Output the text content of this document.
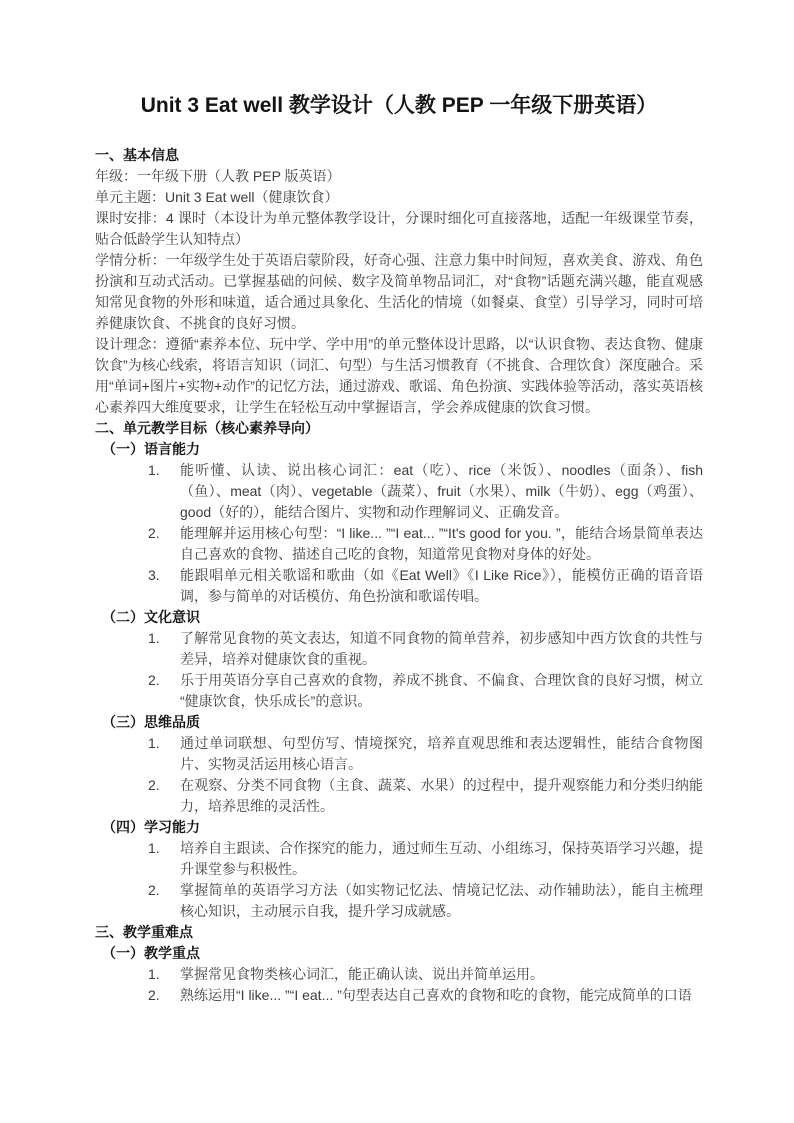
Unit 3 Eat well 教学设计（人教 PEP 一年级下册英语）
一、基本信息

年级：一年级下册（人教 PEP 版英语）

单元主题：Unit 3 Eat well（健康饮食）

课时安排：4 课时（本设计为单元整体教学设计，分课时细化可直接落地，适配一年级课堂节奏，贴合低龄学生认知特点）

学情分析：一年级学生处于英语启蒙阶段，好奇心强、注意力集中时间短，喜欢美食、游戏、角色扮演和互动式活动。已掌握基础的问候、数字及简单物品词汇，对“食物”话题充满兴趣，能直观感知常见食物的外形和味道，适合通过具象化、生活化的情境（如餐桌、食堂）引导学习，同时可培养健康饮食、不挑食的良好习惯。

设计理念：遵循“素养本位、玩中学、学中用”的单元整体设计思路，以“认识食物、表达食物、健康饮食”为核心线索，将语言知识（词汇、句型）与生活习惯教育（不挑食、合理饮食）深度融合。采用“单词+图片+实物+动作”的记忆方法，通过游戏、歌谣、角色扮演、实践体验等活动，落实英语核心素养四大维度要求，让学生在轻松互动中掌握语言，学会养成健康的饮食习惯。

二、单元教学目标（核心素养导向）
（一）语言能力
能听懂、认读、说出核心词汇：eat（吃）、rice（米饭）、noodles（面条）、fish（鱼）、meat（肉）、vegetable（蔬菜）、fruit（水果）、milk（牛奶）、egg（鸡蛋）、good（好的），能结合图片、实物和动作理解词义、正确发音。
能理解并运用核心句型：“I like... ”“I eat... ”“It's good for you. ”，能结合场景简单表达自己喜欢的食物、描述自己吃的食物，知道常见食物对身体的好处。
能跟唱单元相关歌谣和歌曲（如《Eat Well》《I Like Rice》），能模仿正确的语音语调，参与简单的对话模仿、角色扮演和歌谣传唱。
（二）文化意识
了解常见食物的英文表达，知道不同食物的简单营养，初步感知中西方饮食的共性与差异，培养对健康饮食的重视。
乐于用英语分享自己喜欢的食物，养成不挑食、不偏食、合理饮食的良好习惯，树立“健康饮食，快乐成长”的意识。
（三）思维品质
通过单词联想、句型仿写、情境探究，培养直观思维和表达逻辑性，能结合食物图片、实物灵活运用核心语言。
在观察、分类不同食物（主食、蔬菜、水果）的过程中，提升观察能力和分类归纳能力，培养思维的灵活性。
（四）学习能力
培养自主跟读、合作探究的能力，通过师生互动、小组练习，保持英语学习兴趣，提升课堂参与积极性。
掌握简单的英语学习方法（如实物记忆法、情境记忆法、动作辅助法），能自主梳理核心知识，主动展示自我，提升学习成就感。
三、教学重难点
（一）教学重点
掌握常见食物类核心词汇，能正确认读、说出并简单运用。
熟练运用“I like... ”“I eat... ”句型表达自己喜欢的食物和吃的食物，能完成简单的口语
